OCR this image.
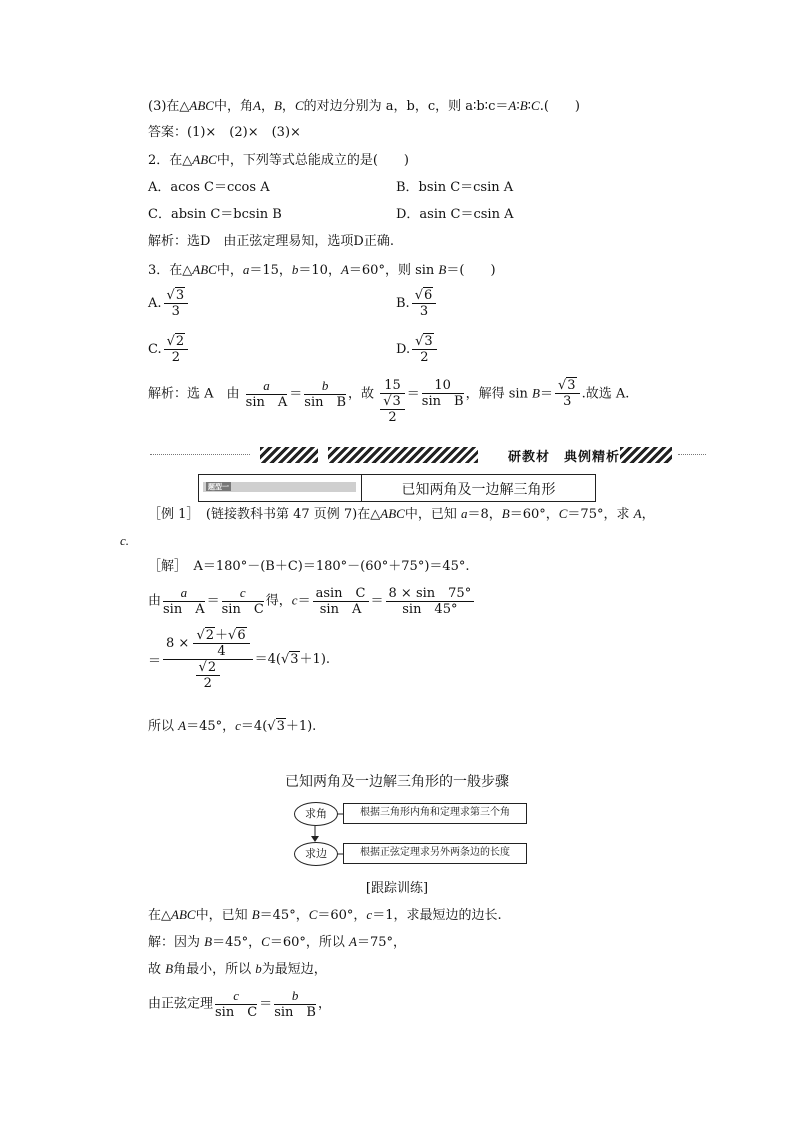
(3)在△ABC中，角A，B，C的对边分别为 a，b，c，则 a∶b∶c＝A∶B∶C.(　　)
答案：(1)×　(2)×　(3)×
2．在△ABC中，下列等式总能成立的是(　　)
A．acos C＝ccos A	B．bsin C＝csin A
C．absin C＝bcsin B	D．asin C＝csin A
解析：选D　由正弦定理易知，选项D正确.
3．在△ABC中，a＝15，b＝10，A＝60°，则 sin B＝(　　)
A. $\frac{√3}{3}$	B. $\frac{√6}{3}$
C. $\frac{√2}{2}$	D. $\frac{√3}{2}$
解析：选 A　由 $\frac{a}{\text{sin　A}} = \frac{b}{\text{sin　B}}$ ，故 $\frac{15}{\frac{√3}{2}} = \frac{10}{\text{sin　B}}$ ，解得 $\sin B= \frac{√3}{3}$ .故选 A.
研教材　典例精析
题型一	已知两角及一边解三角形
［例 1］　(链接教科书第 47 页例 7)在△ABC中，已知 a＝8，B＝60°，C＝75°，求 A，
c.
［解］　A＝180°－(B＋C)＝180°－(60°＋75°)＝45°.
由 $\frac{a}{\text{sin　A}} = \frac{c}{\text{sin　C}}$ 得，$c= \frac{\text{asin　C}}{\text{sin　A}} = \frac{8 \times \sin 75^\circ}{\sin 45^\circ}$
＝ $\frac{8 \times \frac{√2+√6}{4}}{\frac{√2}{2}} =4(√3+1)$.
所以 A＝45°，c＝4(√3＋1).
已知两角及一边解三角形的一般步骤
求角	根据三角形内角和定理求第三个角
求边	根据正弦定理求另外两条边的长度
[跟踪训练]
在△ABC中，已知 B＝45°，C＝60°，c＝1，求最短边的边长.
解：因为 B＝45°，C＝60°，所以 A＝75°，
故 B角最小，所以 b为最短边，
由正弦定理 $\frac{c}{\text{sin　C}} = \frac{b}{\text{sin　B}}$ ，
